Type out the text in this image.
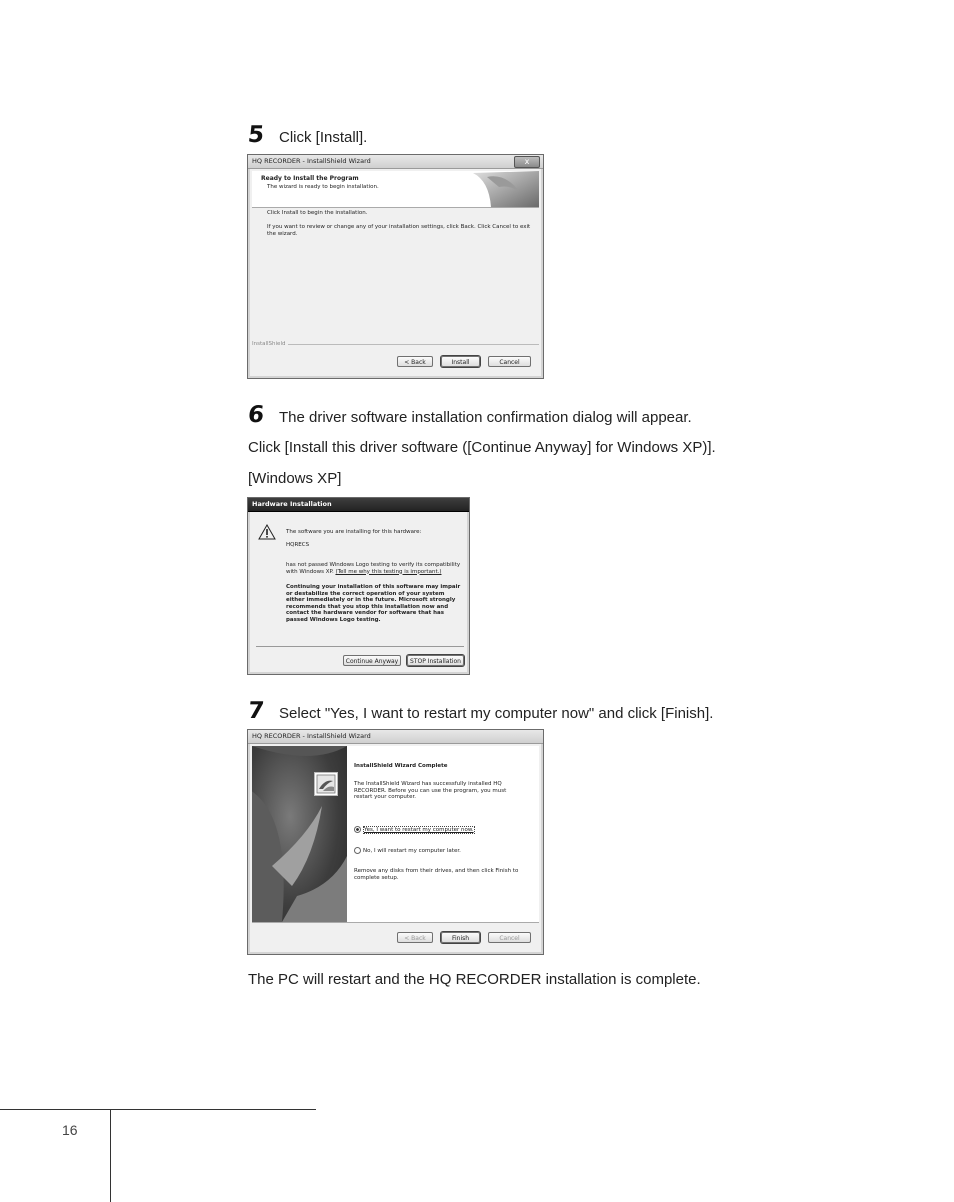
5 Click [Install].
HQ RECORDER - InstallShield Wizard	x
Ready to Install the Program
The wizard is ready to begin installation.
Click Install to begin the installation.
If you want to review or change any of your installation settings, click Back. Click Cancel to exit the wizard.
InstallShield
< Back	Install	Cancel
6 The driver software installation confirmation dialog will appear.
Click [Install this driver software ([Continue Anyway] for Windows XP)].
[Windows XP]
Hardware Installation
The software you are installing for this hardware:
HQRECS
has not passed Windows Logo testing to verify its compatibility with Windows XP. (Tell me why this testing is important.)
Continuing your installation of this software may impair or destabilize the correct operation of your system either immediately or in the future. Microsoft strongly recommends that you stop this installation now and contact the hardware vendor for software that has passed Windows Logo testing.
Continue Anyway	STOP Installation
7 Select "Yes, I want to restart my computer now" and click [Finish].
HQ RECORDER - InstallShield Wizard
InstallShield Wizard Complete
The InstallShield Wizard has successfully installed HQ RECORDER. Before you can use the program, you must restart your computer.
Yes, I want to restart my computer now.
No, I will restart my computer later.
Remove any disks from their drives, and then click Finish to complete setup.
< Back	Finish	Cancel
The PC will restart and the HQ RECORDER installation is complete.
16
